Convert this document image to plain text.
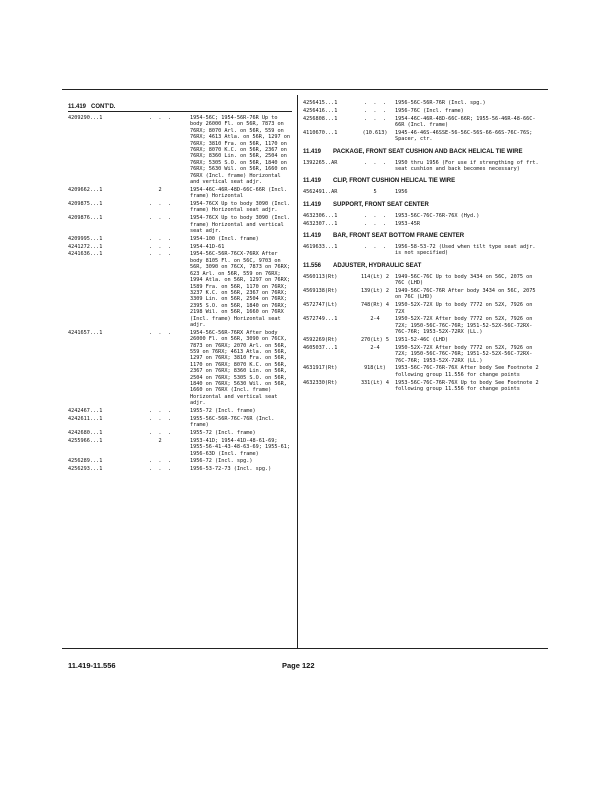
11.419   CONT'D.
4209290...1	.  .  .	1954-56C; 1954-56R-76R Up to body 26000 Fl. on 56R, 7873 on 76RX; 8070 Arl. on 56R, 559 on 76RX; 4613 Atla. on 56R, 1297 on 76RX; 3810 Fra. on 56R, 1170 on 76RX; 8070 K.C. on 56R, 2367 on 76RX; 8360 Lin. on 56R, 2504 on 76RX; 5305 S.O. on 56R, 1840 on 76RX; 5630 Wil. on 56R, 1660 on 76RX (Incl. frame) Horizontal and vertical seat adjr.
4209662...1	2	1954-46C-46R-48D-66C-66R (Incl. frame) Horizontal
4209875...1	.  .  .	1954-76CX Up to body 3090 (Incl. frame) Horizontal seat adjr.
4209876...1	.  .  .	1954-76CX Up to body 3090 (Incl. frame) Horizontal and vertical seat adjr.
4209995...1	.  .  .	1954-100 (Incl. frame)
4241272...1	.  .  .	1954-41D-61
4241636...1	.  .  .	1954-56C-56R-76CX-76RX After body 8105 Fl. on 56C, 9703 on 56R, 3090 on 76CX, 7873 on 76RX; 623 Arl. on 56R, 559 on 76RX; 1994 Atla. on 56R, 1297 on 76RX; 1589 Fra. on 56R, 1170 on 76RX; 3237 K.C. on 56R, 2367 on 76RX; 3309 Lin. on 56R, 2504 on 76RX; 2395 S.O. on 56R, 1840 on 76RX; 2198 Wil. on 56R, 1660 on 76RX (Incl. frame) Horizontal seat adjr.
4241657...1	.  .  .	1954-56C-56R-76RX After body 26000 Fl. on 56R, 3090 on 76CX, 7873 on 76RX; 2070 Arl. on 56R, 559 on 76RX; 4613 Atla. on 56R, 1297 on 76RX; 3810 Fra. on 56R, 1170 on 76RX; 8070 K.C. on 56R, 2367 on 76RX; 8360 Lin. on 56R, 2504 on 76RX; 5305 S.O. on 56R, 1840 on 76RX; 5630 Wil. on 56R, 1660 on 76RX (Incl. frame) Horizontal and vertical seat adjr.
4242467...1	.  .  .	1955-72 (Incl. frame)
4242611...1	.  .  .	1955-56C-56R-76C-76R (Incl. frame)
4242680...1	.  .  .	1955-72 (Incl. frame)
4255966...1	2	1953-41D; 1954-41D-48-61-69; 1955-56-41-43-48-63-69; 1955-61; 1956-63D (Incl. frame)
4256289...1	.  .  .	1956-72 (Incl. spg.)
4256293...1	.  .  .	1956-53-72-73 (Incl. spg.)
4256415...1	.  .  .	1956-56C-56R-76R (Incl. spg.)
4256416...1	.  .  .	1956-76C (Incl. frame)
4256808...1	.  .  .	1954-46C-46R-48D-66C-66R; 1955-56-46R-48-66C-66R (Incl. frame)
4110670...1	(10.613)	1945-46-46S-46SSE-56-56C-56S-66-66S-76C-76S; Spacer, ctr.
11.419	PACKAGE, FRONT SEAT CUSHION AND BACK HELICAL TIE WIRE
1392265..AR	.  .  .	1950 thru 1956 (For use if strengthing of frt. seat cushion and back becomes necessary)
11.419	CLIP, FRONT CUSHION HELICAL TIE WIRE
4562491..AR	5	1956
11.419	SUPPORT, FRONT SEAT CENTER
4632306...1	.  .  .	1953-56C-76C-76R-76X (Hyd.)
4632307...1	.  .  .	1953-45R
11.419	BAR, FRONT SEAT BOTTOM FRAME CENTER
4619633...1	.  .  .	1956-58-53-72 (Used when tilt type seat adjr. is not specified)
11.556	ADJUSTER, HYDRAULIC SEAT
4560113(Rt)	114(Lt) 2	1949-56C-76C Up to body 3434 on 56C, 2075 on 76C (LHD)
4569138(Rt)	139(Lt) 2	1949-56C-76C-76R After body 3434 on 56C, 2075 on 76C (LHD)
4572747(Lt)	748(Rt) 4	1950-52X-72X Up to body 7772 on 52X, 7926 on 72X
4572749...1	2-4	1950-52X-72X After body 7772 on 52X, 7926 on 72X; 1950-56C-76C-76R; 1951-52-52X-56C-72RX-76C-76R; 1953-52X-72RX (LL.)
4592269(Rt)	270(Lt) 5	1951-52-46C (LHD)
4605037...1	2-4	1950-52X-72X After body 7772 on 52X, 7926 on 72X; 1950-56C-76C-76R; 1951-52-52X-56C-72RX-76C-76R; 1953-52X-72RX (LL.)
4631917(Rt)	918(Lt)	1953-56C-76C-76R-76X After body See Footnote 2 following group 11.556 for change points
4632330(Rt)	331(Lt) 4	1953-56C-76C-76R-76X Up to body See Footnote 2 following group 11.556 for change points
11.419-11.556	Page 122
